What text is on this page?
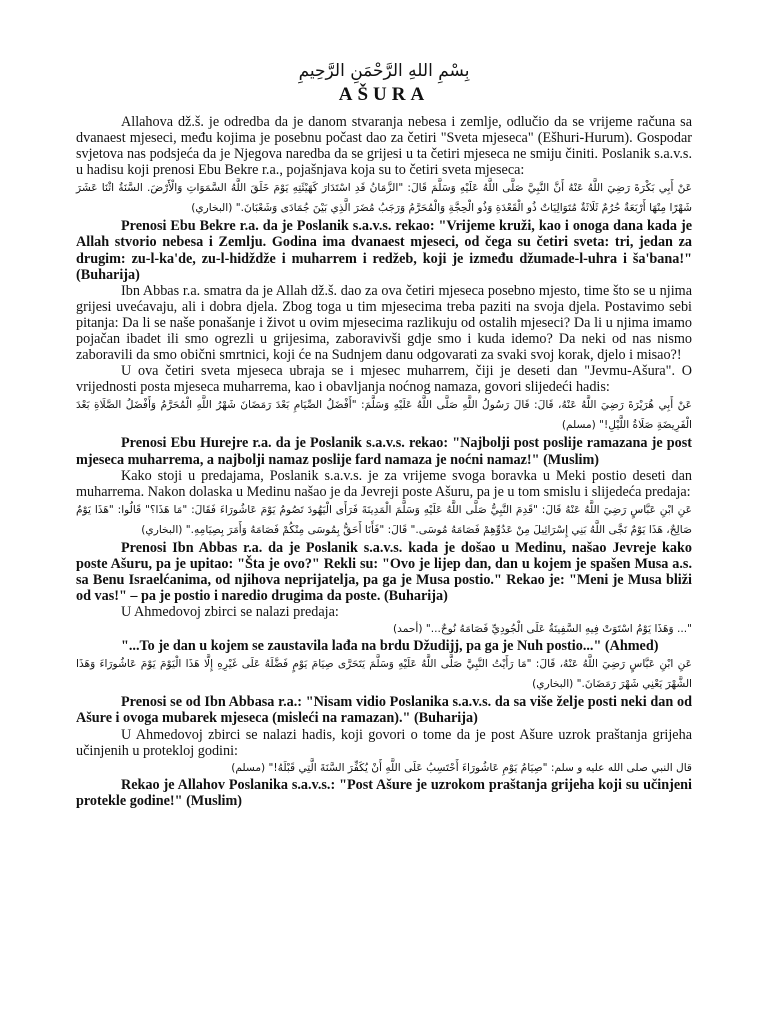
بِسْمِ اللهِ الرَّحْمَنِ الرَّحِيمِ
AŠURA

Allahova dž.š. je odredba da je danom stvaranja nebesa i zemlje, odlučio da se vrijeme računa sa dvanaest mjeseci, među kojima je posebnu počast dao za četiri "Sveta mjeseca" (Ešhuri-Hurum). Gospodar svjetova nas podsjeća da je Njegova naredba da se grijesi u ta četiri mjeseca ne smiju činiti. Poslanik s.a.v.s. u hadisu koji prenosi Ebu Bekre r.a., pojašnjava koja su to četiri sveta mjeseca:

عَنْ أَبِي بَكْرَةَ رَضِيَ اللَّهُ عَنْهُ أَنَّ النَّبِيَّ صَلَّى اللَّهُ عَلَيْهِ وَسَلَّمَ قَالَ: "الزَّمَانُ قَدِ اسْتَدَارَ كَهَيْئَتِهِ يَوْمَ خَلَقَ اللَّهُ السَّمَوَاتِ وَالْأَرْضَ. السَّنَةُ اثْنَا عَشَرَ شَهْرًا مِنْهَا أَرْبَعَةٌ حُرُمٌ ثَلَاثَةٌ مُتَوَالِيَاتٌ ذُو الْقَعْدَةِ وَذُو الْحِجَّةِ وَالْمُحَرَّمُ وَرَجَبُ مُضَرَ الَّذِي بَيْنَ جُمَادَى وَشَعْبَانَ." (البخاري)

Prenosi Ebu Bekre r.a. da je Poslanik s.a.v.s. rekao: "Vrijeme kruži, kao i onoga dana kada je Allah stvorio nebesa i Zemlju. Godina ima dvanaest mjeseci, od čega su četiri sveta: tri, jedan za drugim: zu-l-ka'de, zu-l-hidždže i muharrem i redžeb, koji je između džumade-l-uhra i ša'bana!" (Buharija)

Ibn Abbas r.a. smatra da je Allah dž.š. dao za ova četiri mjeseca posebno mjesto, time što se u njima grijesi uvećavaju, ali i dobra djela. Zbog toga u tim mjesecima treba paziti na svoja djela. Postavimo sebi pitanja: Da li se naše ponašanje i život u ovim mjesecima razlikuju od ostalih mjeseci? Da li u njima imamo pojačan ibadet ili smo ogrezli u grijesima, zaboravivši gdje smo i kuda idemo? Da neki od nas nismo zaboravili da smo obični smrtnici, koji će na Sudnjem danu odgovarati za svaki svoj korak, djelo i misao?!

U ova četiri sveta mjeseca ubraja se i mjesec muharrem, čiji je deseti dan "Jevmu-Ašura". O vrijednosti posta mjeseca muharrema, kao i obavljanja noćnog namaza, govori slijedeći hadis:

عَنْ أَبِي هُرَيْرَةَ رَضِيَ اللَّهُ عَنْهُ، قَالَ: قَالَ رَسُولُ اللَّهِ صَلَّى اللَّهُ عَلَيْهِ وَسَلَّمَ: "أَفْضَلُ الصِّيَامِ بَعْدَ رَمَضَانَ شَهْرُ اللَّهِ الْمُحَرَّمُ وَأَفْضَلُ الصَّلَاةِ بَعْدَ الْفَرِيضَةِ صَلَاةُ اللَّيْلِ!" (مسلم)

Prenosi Ebu Hurejre r.a. da je Poslanik s.a.v.s. rekao: "Najbolji post poslije ramazana je post mjeseca muharrema, a najbolji namaz poslije fard namaza je noćni namaz!" (Muslim)

Kako stoji u predajama, Poslanik s.a.v.s. je za vrijeme svoga boravka u Meki postio deseti dan muharrema. Nakon dolaska u Medinu našao je da Jevreji poste Ašuru, pa je u tom smislu i slijedeća predaja:

عَنِ ابْنِ عَبَّاسٍ رَضِيَ اللَّهُ عَنْهُ قَالَ: "قَدِمَ النَّبِيُّ صَلَّى اللَّهُ عَلَيْهِ وَسَلَّمَ الْمَدِينَةَ فَرَأَى الْيَهُودَ تَصُومُ يَوْمَ عَاشُورَاءَ فَقَالَ: "مَا هَذَا؟" قَالُوا: "هَذَا يَوْمٌ صَالِحٌ، هَذَا يَوْمٌ نَجَّى اللَّهُ بَنِي إِسْرَائِيلَ مِنْ عَدُوِّهِمْ فَصَامَهُ مُوسَى." قَالَ: "فَأَنَا أَحَقُّ بِمُوسَى مِنْكُمْ فَصَامَهُ وَأَمَرَ بِصِيَامِهِ." (البخاري)

Prenosi Ibn Abbas r.a. da je Poslanik s.a.v.s. kada je došao u Medinu, našao Jevreje kako poste Ašuru, pa je upitao: "Šta je ovo?" Rekli su: "Ovo je lijep dan, dan u kojem je spašen Musa a.s. sa Benu Israelćanima, od njihova neprijatelja, pa ga je Musa postio." Rekao je: "Meni je Musa bliži od vas!" – pa je postio i naredio drugima da poste. (Buharija)

U Ahmedovoj zbirci se nalazi predaja:

"... وَهَذَا يَوْمُ اسْتَوَتْ فِيهِ السَّفِينَةُ عَلَى الْجُودِيِّ فَصَامَهُ نُوحٌ..." (أحمد)

"...To je dan u kojem se zaustavila lađa na brdu Džudijj, pa ga je Nuh postio..." (Ahmed)

عَنِ ابْنِ عَبَّاسٍ رَضِيَ اللَّهُ عَنْهُ، قَالَ: "مَا رَأَيْتُ النَّبِيَّ صَلَّى اللَّهُ عَلَيْهِ وَسَلَّمَ يَتَحَرَّى صِيَامَ يَوْمٍ فَضَّلَهُ عَلَى غَيْرِهِ إِلَّا هَذَا الْيَوْمَ يَوْمَ عَاشُورَاءَ وَهَذَا الشَّهْرَ يَعْنِي شَهْرَ رَمَضَانَ." (البخاري)

Prenosi se od Ibn Abbasa r.a.: "Nisam vidio Poslanika s.a.v.s. da sa više želje posti neki dan od Ašure i ovoga mubarek mjeseca (misleći na ramazan)." (Buharija)

U Ahmedovoj zbirci se nalazi hadis, koji govori o tome da je post Ašure uzrok praštanja grijeha učinjenih u proteklој godini:

قال النبي صلى الله عليه و سلم: "صِيَامُ يَوْمِ عَاشُورَاءَ أَحْتَسِبُ عَلَى اللَّهِ أَنْ يُكَفِّرَ السَّنَةَ الَّتِي قَبْلَهُ!" (مسلم)

Rekao je Allahov Poslanika s.a.v.s.: "Post Ašure je uzrokom praštanja grijeha koji su učinjeni protekle godine!" (Muslim)
